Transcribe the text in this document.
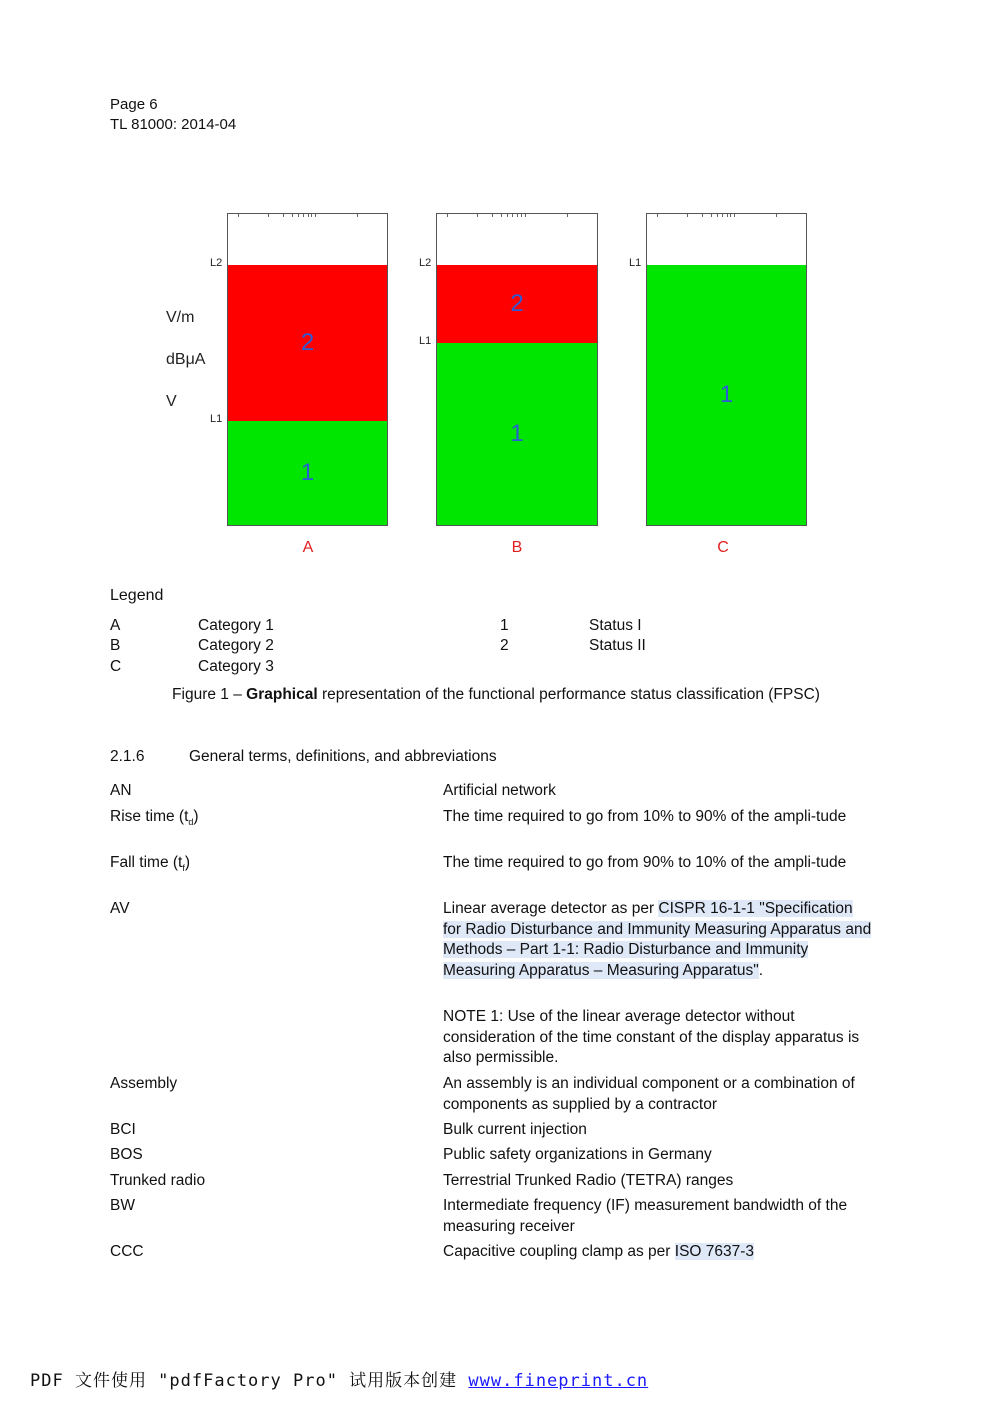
Page 6
TL 81000: 2014-04
V/m
dBμA
V
1
2
1
2
1
A	B	C
Legend
A	Category 1
B	Category 2
C	Category 3
1	Status I
2	Status II
Figure 1 – Graphical representation of the functional performance status classification (FPSC)
2.1.6	General terms, definitions, and abbreviations
AN	Artificial network
Rise time $(t_d)$	The time required to go from 10% to 90% of the ampli-tude
Fall time $(t_f)$	The time required to go from 90% to 10% of the ampli-tude
AV	Linear average detector as per CISPR 16-1-1 "Specification for Radio Disturbance and Immunity Measuring Apparatus and Methods – Part 1-1: Radio Disturbance and Immunity Measuring Apparatus – Measuring Apparatus".
NOTE 1: Use of the linear average detector without consideration of the time constant of the display apparatus is also permissible.
Assembly	An assembly is an individual component or a combination of components as supplied by a contractor
BCI	Bulk current injection
BOS	Public safety organizations in Germany
Trunked radio	Terrestrial Trunked Radio (TETRA) ranges
BW	Intermediate frequency (IF) measurement bandwidth of the measuring receiver
CCC	Capacitive coupling clamp as per ISO 7637-3
PDF 文件使用 "pdfFactory Pro" 试用版本创建 www.fineprint.cn
L2
L1
L2
L1
L1
